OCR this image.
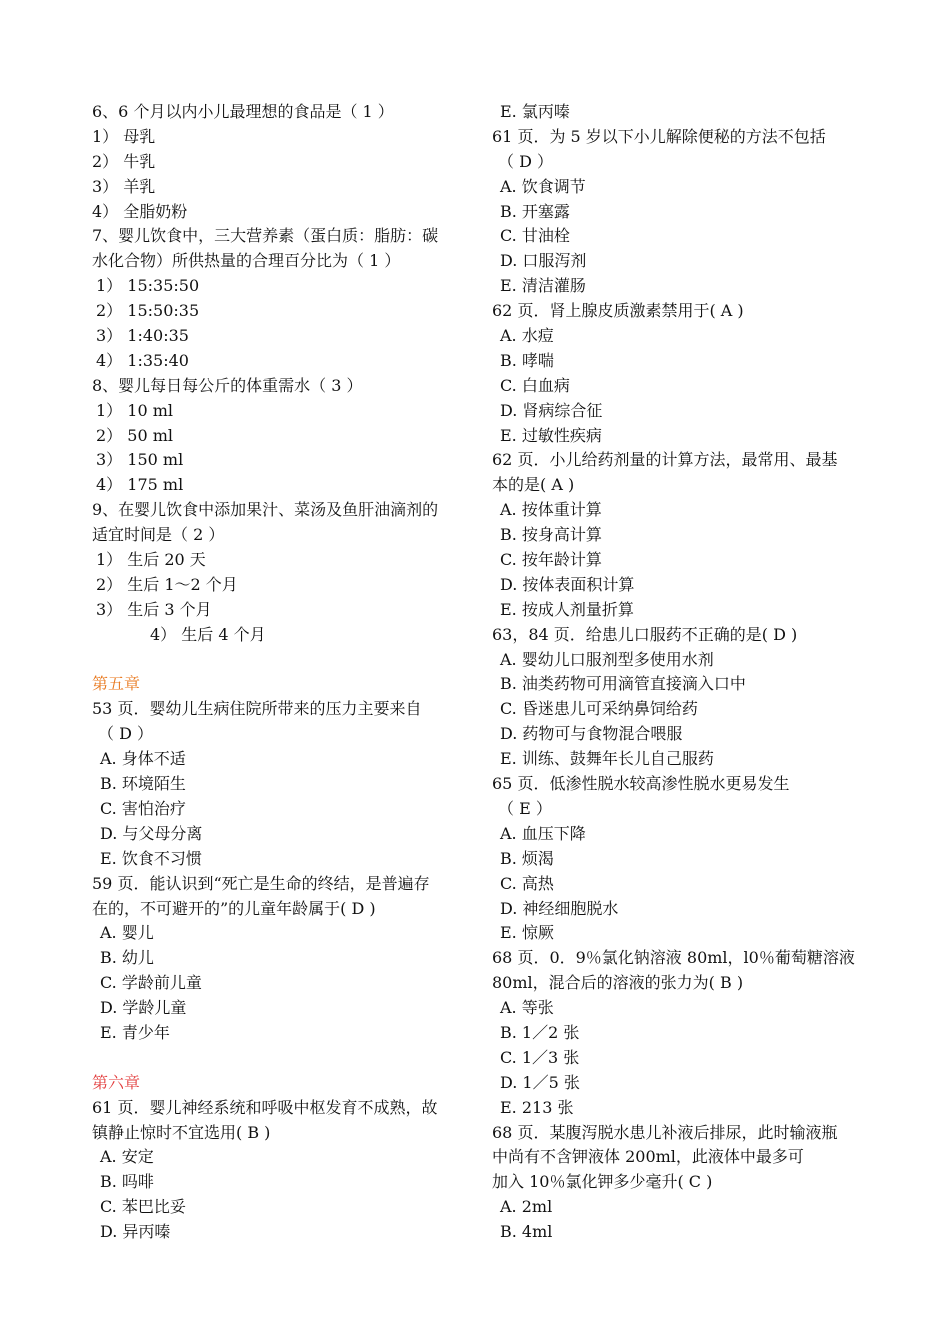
6、6 个月以内小儿最理想的食品是（ 1 ）
1） 母乳
2） 牛乳
3） 羊乳
4） 全脂奶粉
7、婴儿饮食中，三大营养素（蛋白质：脂肪：碳
水化合物）所供热量的合理百分比为（ 1 ）
1） 15:35:50
2） 15:50:35
3） 1:40:35
4） 1:35:40
8、婴儿每日每公斤的体重需水（ 3 ）
1） 10 ml
2） 50 ml
3） 150 ml
4） 175 ml
9、在婴儿饮食中添加果汁、菜汤及鱼肝油滴剂的
适宜时间是（ 2 ）
1） 生后 20 天
2） 生后 1～2 个月
3） 生后 3 个月
4） 生后 4 个月
第五章
53 页．婴幼儿生病住院所带来的压力主要来自
（ D ）
A. 身体不适
B. 环境陌生
C. 害怕治疗
D. 与父母分离
E. 饮食不习惯
59 页．能认识到“死亡是生命的终结，是普遍存
在的，不可避开的”的儿童年龄属于( D )
A. 婴儿
B. 幼儿
C. 学龄前儿童
D. 学龄儿童
E. 青少年
第六章
61 页．婴儿神经系统和呼吸中枢发育不成熟，故
镇静止惊时不宜选用( B )
A. 安定
B. 吗啡
C. 苯巴比妥
D. 异丙嗪
E. 氯丙嗪
61 页．为 5 岁以下小儿解除便秘的方法不包括
（ D ）
A. 饮食调节
B. 开塞露
C. 甘油栓
D. 口服泻剂
E. 清洁灌肠
62 页．肾上腺皮质激素禁用于( A )
A. 水痘
B. 哮喘
C. 白血病
D. 肾病综合征
E. 过敏性疾病
62 页．小儿给药剂量的计算方法，最常用、最基
本的是( A )
A. 按体重计算
B. 按身高计算
C. 按年龄计算
D. 按体表面积计算
E. 按成人剂量折算
63，84 页．给患儿口服药不正确的是( D )
A. 婴幼儿口服剂型多使用水剂
B. 油类药物可用滴管直接滴入口中
C. 昏迷患儿可采纳鼻饲给药
D. 药物可与食物混合喂服
E. 训练、鼓舞年长儿自己服药
65 页．低渗性脱水较高渗性脱水更易发生
（ E ）
A. 血压下降
B. 烦渴
C. 高热
D. 神经细胞脱水
E. 惊厥
68 页．0．9％氯化钠溶液 80ml，l0％葡萄糖溶液
80ml，混合后的溶液的张力为( B )
A. 等张
B. 1／2 张
C. 1／3 张
D. 1／5 张
E. 213 张
68 页．某腹泻脱水患儿补液后排尿，此时输液瓶
中尚有不含钾液体 200ml，此液体中最多可
加入 10％氯化钾多少毫升( C )
A. 2ml
B. 4ml
